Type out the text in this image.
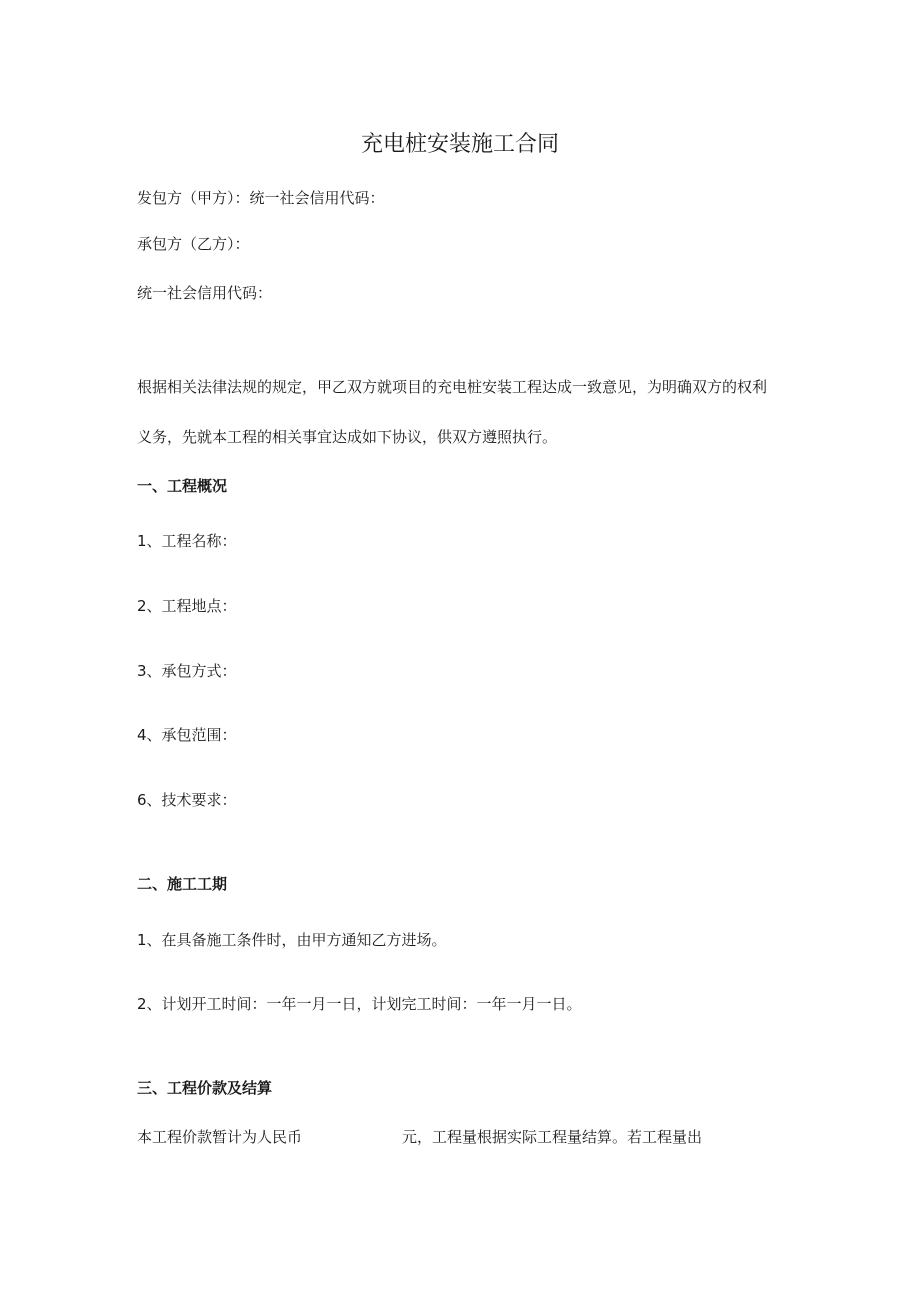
充电桩安装施工合同
发包方（甲方）：统一社会信用代码：
承包方（乙方）：
统一社会信用代码：
根据相关法律法规的规定，甲乙双方就项目的充电桩安装工程达成一致意见，为明确双方的权利
义务，先就本工程的相关事宜达成如下协议，供双方遵照执行。
一、工程概况
1、工程名称：
2、工程地点：
3、承包方式：
4、承包范围：
6、技术要求：
二、施工工期
1、在具备施工条件时，由甲方通知乙方进场。
2、计划开工时间：一年一月一日，计划完工时间：一年一月一日。
三、工程价款及结算
本工程价款暂计为人民币	元，工程量根据实际工程量结算。若工程量出
